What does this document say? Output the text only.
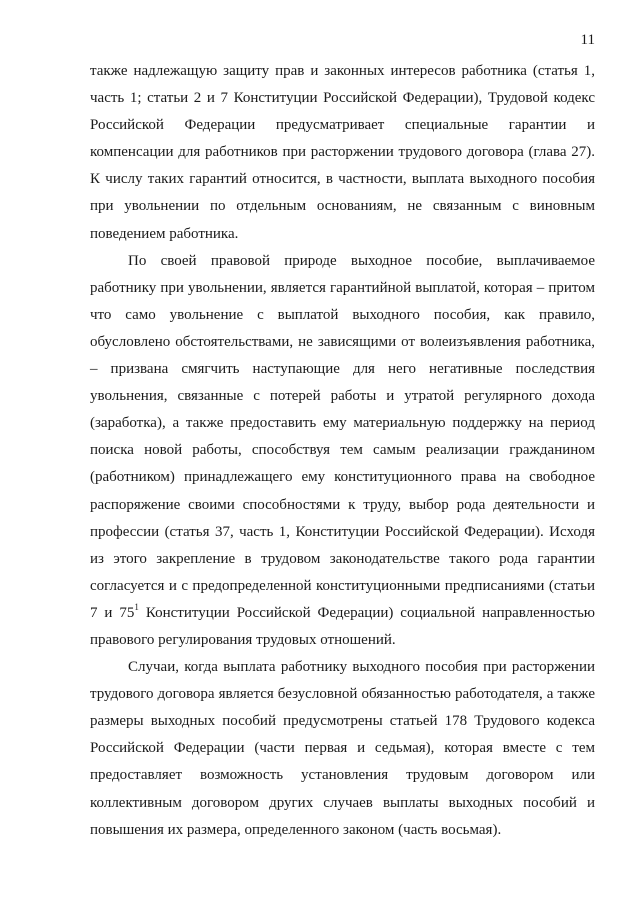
11

также надлежащую защиту прав и законных интересов работника (статья 1, часть 1; статьи 2 и 7 Конституции Российской Федерации), Трудовой кодекс Российской Федерации предусматривает специальные гарантии и компенсации для работников при расторжении трудового договора (глава 27). К числу таких гарантий относится, в частности, выплата выходного пособия при увольнении по отдельным основаниям, не связанным с виновным поведением работника.

По своей правовой природе выходное пособие, выплачиваемое работнику при увольнении, является гарантийной выплатой, которая – притом что само увольнение с выплатой выходного пособия, как правило, обусловлено обстоятельствами, не зависящими от волеизъявления работника, – призвана смягчить наступающие для него негативные последствия увольнения, связанные с потерей работы и утратой регулярного дохода (заработка), а также предоставить ему материальную поддержку на период поиска новой работы, способствуя тем самым реализации гражданином (работником) принадлежащего ему конституционного права на свободное распоряжение своими способностями к труду, выбор рода деятельности и профессии (статья 37, часть 1, Конституции Российской Федерации). Исходя из этого закрепление в трудовом законодательстве такого рода гарантии согласуется и с предопределенной конституционными предписаниями (статьи 7 и $75^1$ Конституции Российской Федерации) социальной направленностью правового регулирования трудовых отношений.

Случаи, когда выплата работнику выходного пособия при расторжении трудового договора является безусловной обязанностью работодателя, а также размеры выходных пособий предусмотрены статьей 178 Трудового кодекса Российской Федерации (части первая и седьмая), которая вместе с тем предоставляет возможность установления трудовым договором или коллективным договором других случаев выплаты выходных пособий и повышения их размера, определенного законом (часть восьмая).
